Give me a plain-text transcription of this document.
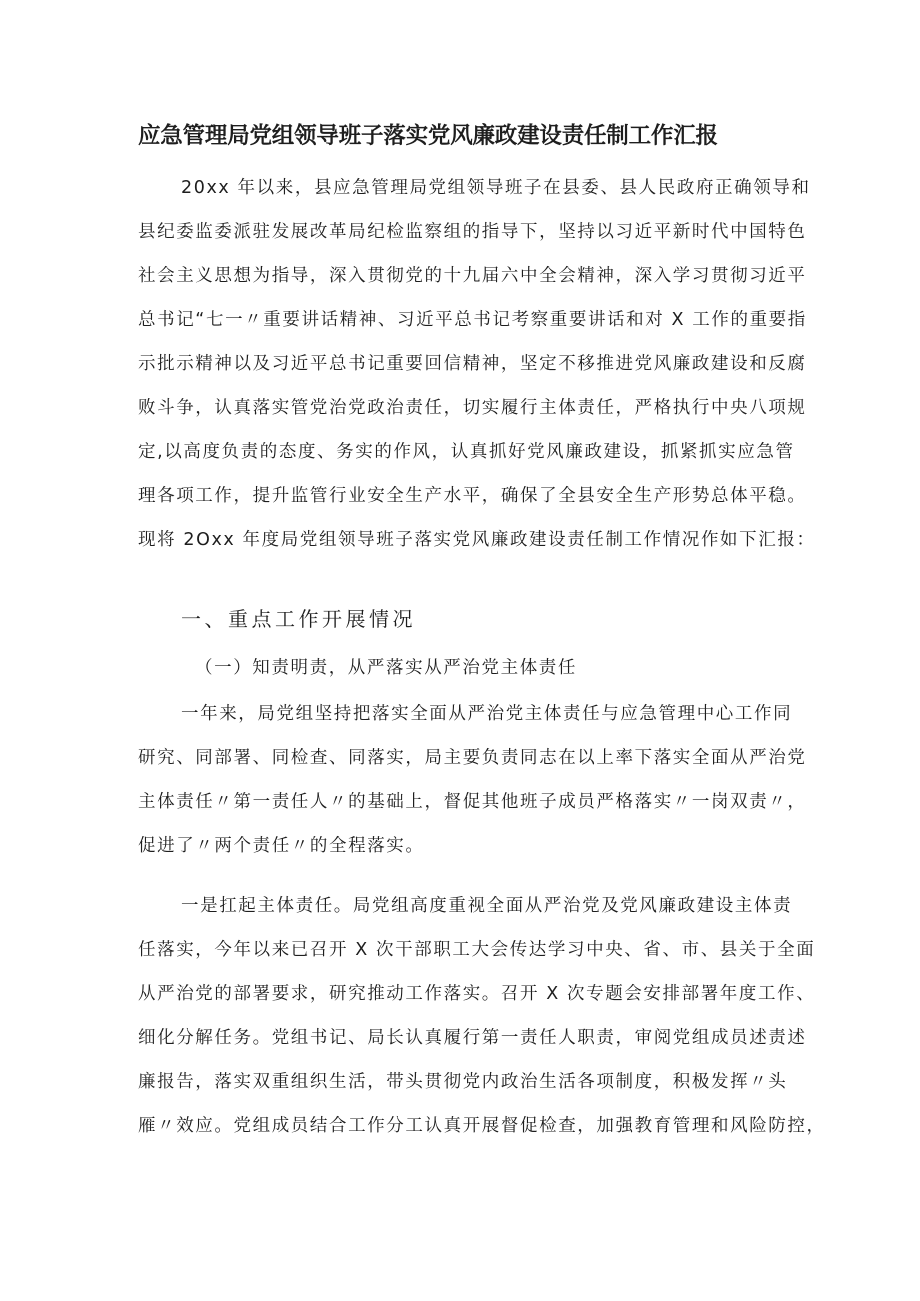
应急管理局党组领导班子落实党风廉政建设责任制工作汇报
20xx 年以来，县应急管理局党组领导班子在县委、县人民政府正确领导和
县纪委监委派驻发展改革局纪检监察组的指导下，坚持以习近平新时代中国特色
社会主义思想为指导，深入贯彻党的十九届六中全会精神，深入学习贯彻习近平
总书记“七一〃重要讲话精神、习近平总书记考察重要讲话和对 X 工作的重要指
示批示精神以及习近平总书记重要回信精神，坚定不移推进党风廉政建设和反腐
败斗争，认真落实管党治党政治责任，切实履行主体责任，严格执行中央八项规
定,以高度负责的态度、务实的作风，认真抓好党风廉政建设，抓紧抓实应急管
理各项工作，提升监管行业安全生产水平，确保了全县安全生产形势总体平稳。
现将 2Oxx 年度局党组领导班子落实党风廉政建设责任制工作情况作如下汇报：
一、重点工作开展情况
（一）知责明责，从严落实从严治党主体责任
一年来，局党组坚持把落实全面从严治党主体责任与应急管理中心工作同
研究、同部署、同检查、同落实，局主要负责同志在以上率下落实全面从严治党
主体责任〃第一责任人〃的基础上，督促其他班子成员严格落实〃一岗双责〃，
促进了〃两个责任〃的全程落实。
一是扛起主体责任。局党组高度重视全面从严治党及党风廉政建设主体责
任落实，今年以来已召开 X 次干部职工大会传达学习中央、省、市、县关于全面
从严治党的部署要求，研究推动工作落实。召开 X 次专题会安排部署年度工作、
细化分解任务。党组书记、局长认真履行第一责任人职责，审阅党组成员述责述
廉报告，落实双重组织生活，带头贯彻党内政治生活各项制度，积极发挥〃头
雁〃效应。党组成员结合工作分工认真开展督促检查，加强教育管理和风险防控，
